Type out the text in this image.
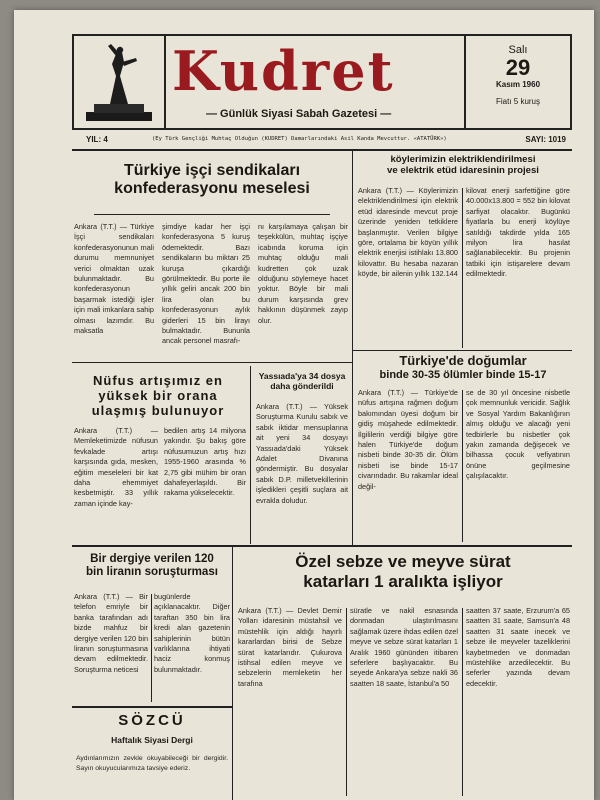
Kudret
— Günlük Siyasi Sabah Gazetesi —
Salı
29
Kasım 1960
Fiatı 5 kuruş
YIL: 4	(Ey Türk Gençliği Muhtaç Olduğun (KUDRET) Damarlarındaki Asil Kanda Mevcuttur. «ATATÜRK»)	SAYI: 1019
Türkiye işçi sendikaları
konfederasyonu meselesi
Ankara (T.T.) — Türkiye İşçi sendikaları konfederasyonunun mali durumu memnuniyet verici olmaktan uzak bulunmaktadır. Bu konfederasyonun başarmak istediği işler için mali imkanlara sahip olması lazımdır. Bu maksatla
şimdiye kadar her işçi konfederasyona 5 kuruş ödemektedir. Bazı sendikaların bu miktarı 25 kuruşa çıkardığı görülmektedir. Bu porte ile yıllık geliri ancak 200 bin lira olan bu konfederasyonun aylık giderleri 15 bin lirayı bulmaktadır. Bununla ancak personel masrafı-
nı karşılamaya çalışan bir teşekkülün, muhtaç işçiye icabında koruma için muhtaç olduğu mali kudretten çok uzak olduğunu söylemeye hacet yoktur. Böyle bir mali durum karşısında grev hakkının düşünmek zayıp olur.
Nüfus artışımız en
yüksek bir orana
ulaşmış bulunuyor
Ankara (T.T.) — Memleketimizde nüfusun fevkalade artışı karşısında gıda, mesken, eğitim meseleleri bir kat daha ehemmiyet kesbetmiştir. 33 yıllık zaman içinde kay-
bedilen artış 14 milyona yakındır. Şu bakış göre nüfusumuzun artış hızı 1955-1960 arasında % 2,75 gibi mühim bir oran dahafeyerlaşıldı. Bir rakama yükselecektir.
Yassıada'ya 34 dosya
daha gönderildi
Ankara (T.T.) — Yüksek Soruşturma Kurulu sabık ve sabık iktidar mensuplarına ait yeni 34 dosyayı Yassıada'daki Yüksek Adalet Divanına göndermiştir. Bu dosyalar sabık D.P. milletvekillerinin işledikleri çeşitli suçlara ait evrakla doludur.
köylerimizin elektriklendirilmesi
ve elektrik etüd idaresinin projesi
Ankara (T.T.) — Köylerimizin elektriklendirilmesi için elektrik etüd idaresinde mevcut proje üzerinde yeniden tetkiklere başlanmıştır. Verilen bilgiye göre, ortalama bir köyün yıllık elektrik enerjisi istihlakı 13.800 kilovattır. Bu hesaba nazaran köyde, bir ailenin yıllık 132.144
kilovat enerji sarfettiğine göre 40.000x13.800 = 552 bin kilovat sarfiyat olacaktır. Bugünkü fiyatlarla bu enerji köylüye satıldığı takdirde yılda 165 milyon lira hasılat sağlanabilecektir. Bu projenin tatbiki için istişarelere devam edilmektedir.
Türkiye'de doğumlar
binde 30-35 ölümler binde 15-17
Ankara (T.T.) — Türkiye'de nüfus artışına rağmen doğum bakımından üyesi doğum bir gidiş müşahede edilmektedir. İlgililerin verdiği bilgiye göre halen Türkiye'de doğum nisbeti binde 30-35 dir. Ölüm nisbeti ise binde 15-17 civarındadır. Bu rakamlar ideal değil-
se de 30 yıl öncesine nisbetle çok memnunluk vericidir. Sağlık ve Sosyal Yardım Bakanlığının almış olduğu ve alacağı yeni tedbirlerle bu nisbetler çok yakın zamanda değişecek ve bilhassa çocuk vefiyatının önüne geçilmesine çalışılacaktır.
Bir dergiye verilen 120
bin liranın soruşturması
Ankara (T.T.) — Bir telefon emriyle bir banka tarafından adı bizde mahfuz bir dergiye verilen 120 bin liranın soruşturmasına devam edilmektedir. Soruşturma neticesi
bugünlerde açıklanacaktır. Diğer taraftan 350 bin lira kredi alan gazetenin sahiplerinin bütün varlıklarına ihtiyati haciz konmuş bulunmaktadır.
SÖZCÜ
Haftalık Siyasi Dergi
Aydınlarımızın zevkle okuyabileceği bir dergidir. Sayın okuyucularımıza tavsiye ederiz.
Özel sebze ve meyve sürat
katarları 1 aralıkta işliyor
Ankara (T.T.) — Devlet Demir Yolları idaresinin müstahsil ve müstehlik için aldığı hayırlı kararlardan birisi de Sebze sürat katarlarıdır. Çukurova istihsal edilen meyve ve sebzelerin memleketin her tarafına
süratle ve nakil esnasında donmadan ulaştırılmasını sağlamak üzere ihdas edilen özel meyve ve sebze sürat katarları 1 Aralık 1960 gününden itibaren seferlere başlıyacaktır. Bu seyede Ankara'ya sebze nakli 36 saatten 18 saate, İstanbul'a 50
saatten 37 saate, Erzurum'a 65 saatten 31 saate, Samsun'a 48 saatten 31 saate inecek ve sebze ile meyveler tazeliklerini kaybetmeden ve donmadan müstehlike arzedilecektir. Bu seferler yazında devam edecektir.
